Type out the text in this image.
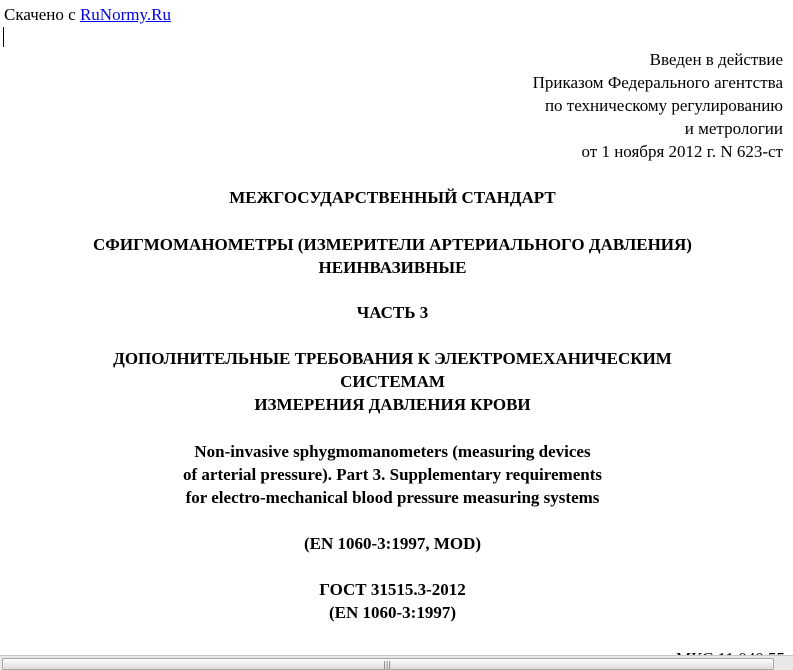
Скачено с RuNormy.Ru
Введен в действие
Приказом Федерального агентства
по техническому регулированию
и метрологии
от 1 ноября 2012 г. N 623-ст
МЕЖГОСУДАРСТВЕННЫЙ СТАНДАРТ
СФИГМОМАНОМЕТРЫ (ИЗМЕРИТЕЛИ АРТЕРИАЛЬНОГО ДАВЛЕНИЯ)
НЕИНВАЗИВНЫЕ
ЧАСТЬ 3
ДОПОЛНИТЕЛЬНЫЕ ТРЕБОВАНИЯ К ЭЛЕКТРОМЕХАНИЧЕСКИМ
СИСТЕМАМ
ИЗМЕРЕНИЯ ДАВЛЕНИЯ КРОВИ
Non-invasive sphygmomanometers (measuring devices
of arterial pressure). Part 3. Supplementary requirements
for electro-mechanical blood pressure measuring systems
(EN 1060-3:1997, MOD)
ГОСТ 31515.3-2012
(EN 1060-3:1997)
|||
